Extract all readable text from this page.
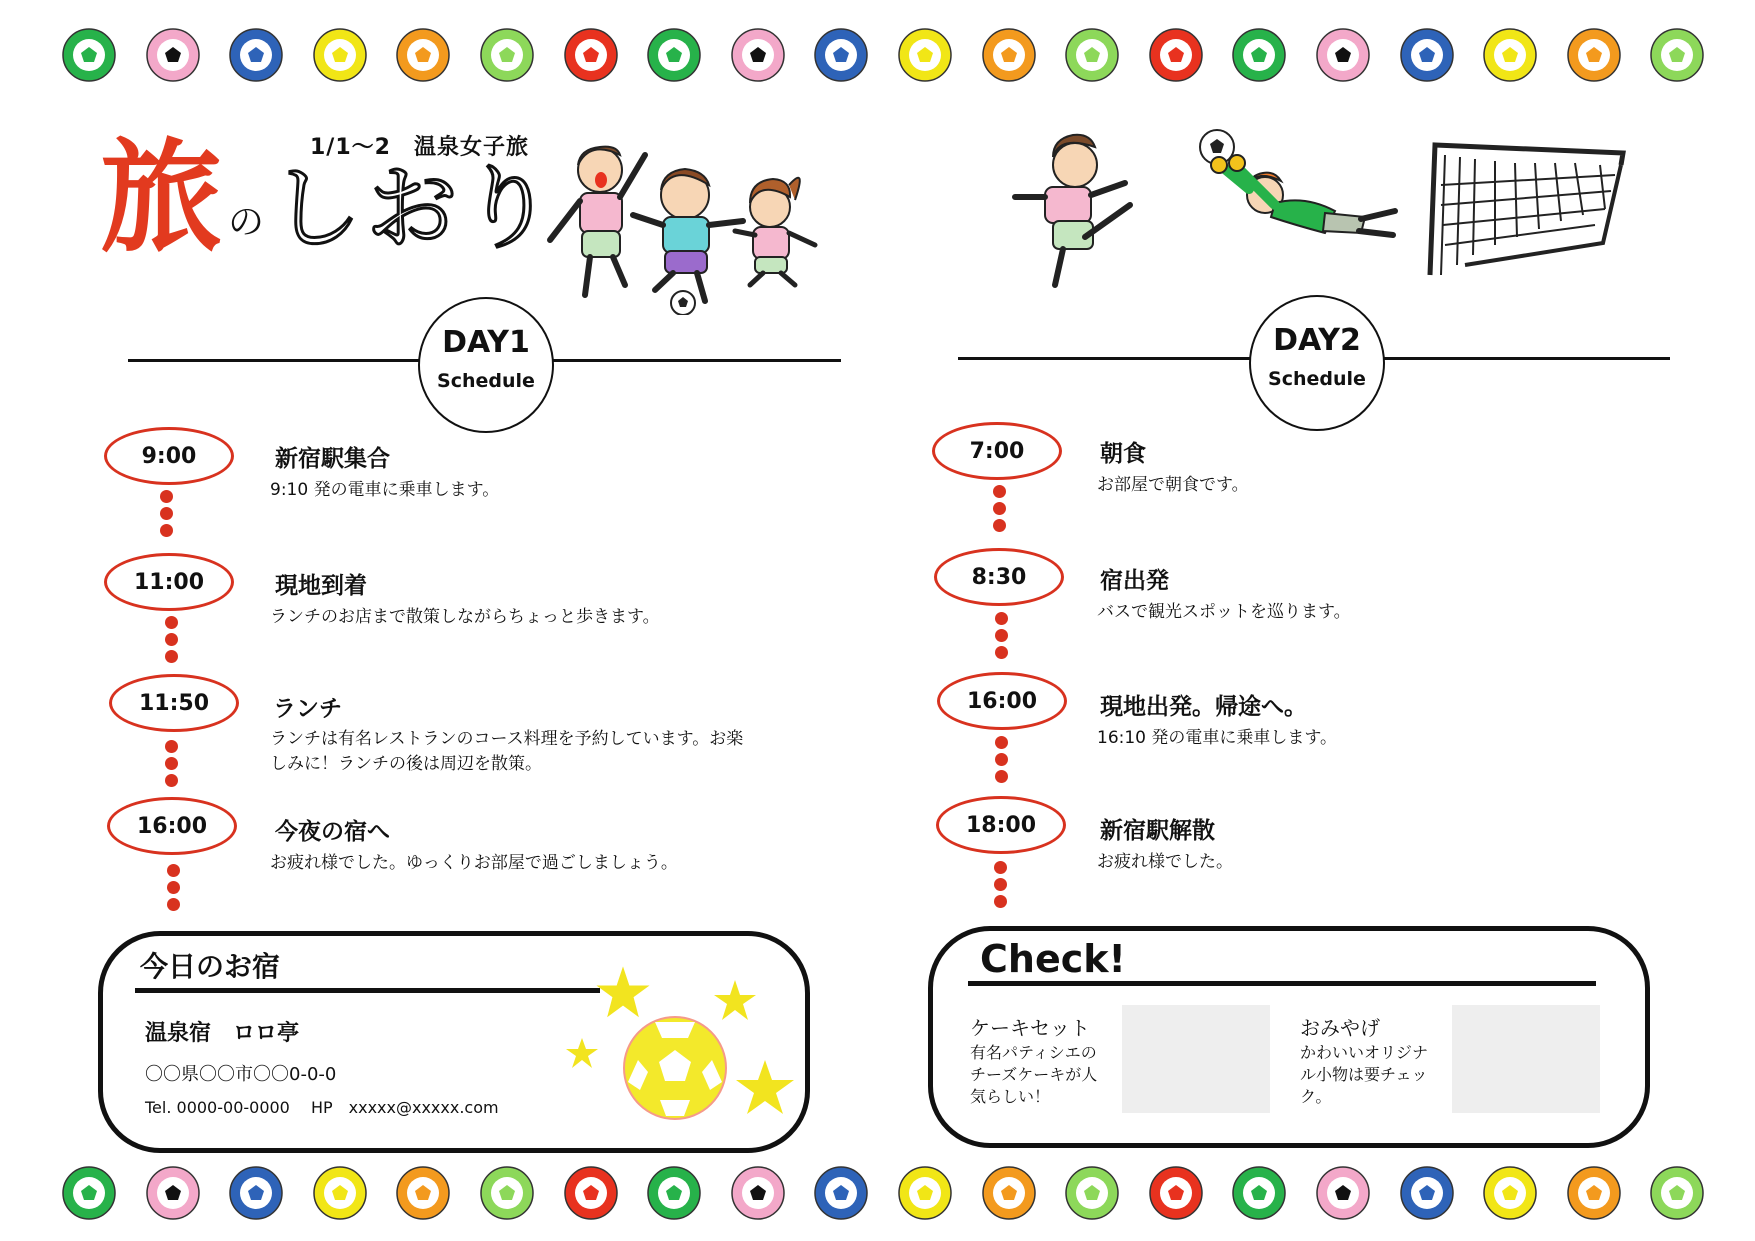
1/1～2　温泉女子旅
旅のしおり
DAY1
Schedule
DAY2
Schedule
9:00	新宿駅集合
9:10 発の電車に乗車します。
11:00	現地到着
ランチのお店まで散策しながらちょっと歩きます。
11:50	ランチ
ランチは有名レストランのコース料理を予約しています。お楽
しみに！ランチの後は周辺を散策。
16:00	今夜の宿へ
お疲れ様でした。ゆっくりお部屋で過ごしましょう。
7:00	朝食
お部屋で朝食です。
8:30	宿出発
バスで観光スポットを巡ります。
16:00	現地出発。帰途へ。
16:10 発の電車に乗車します。
18:00	新宿駅解散
お疲れ様でした。
今日のお宿
温泉宿　ロロ亭
〇〇県〇〇市〇〇0-0-0
Tel. 0000-00-0000　 HP　xxxxx@xxxxx.com
Check!
ケーキセット
有名パティシエの
チーズケーキが人
気らしい！
おみやげ
かわいいオリジナ
ル小物は要チェッ
ク。
